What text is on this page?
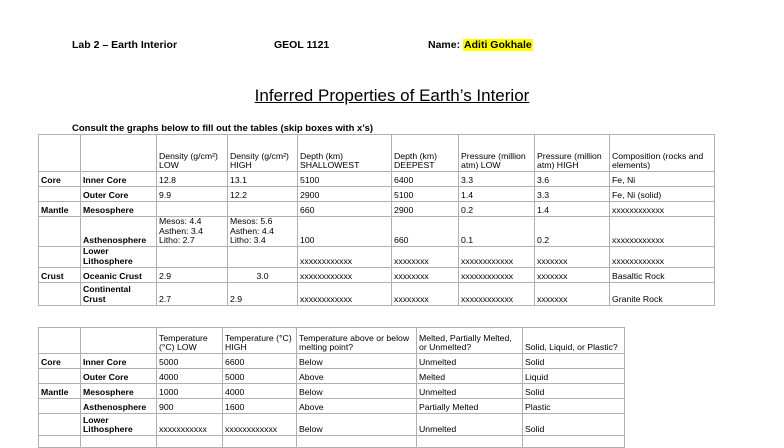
Lab 2 – Earth Interior	GEOL 1121	Name: Aditi Gokhale
Inferred Properties of Earth’s Interior
Consult the graphs below to fill out the tables (skip boxes with x’s)
		Density (g/cm²) LOW	Density (g/cm²) HIGH	Depth (km) SHALLOWEST	Depth (km) DEEPEST	Pressure (million atm) LOW	Pressure (million atm) HIGH	Composition (rocks and elements)
Core	Inner Core	12.8	13.1	5100	6400	3.3	3.6	Fe, Ni
	Outer Core	9.9	12.2	2900	5100	1.4	3.3	Fe, Ni (solid)
Mantle	Mesosphere			660	2900	0.2	1.4	xxxxxxxxxxxx
	Asthenosphere	Mesos: 4.4 Asthen: 3.4 Litho: 2.7	Mesos: 5.6 Asthen: 4.4 Litho: 3.4	100	660	0.1	0.2	xxxxxxxxxxxx
	Lower Lithosphere			xxxxxxxxxxxx	xxxxxxxx	xxxxxxxxxxxx	xxxxxxx	xxxxxxxxxxxx
Crust	Oceanic Crust	2.9	3.0	xxxxxxxxxxxx	xxxxxxxx	xxxxxxxxxxxx	xxxxxxx	Basaltic Rock
	Continental Crust	2.7	2.9	xxxxxxxxxxxx	xxxxxxxx	xxxxxxxxxxxx	xxxxxxx	Granite Rock
		Temperature (°C) LOW	Temperature (°C) HIGH	Temperature above or below melting point?	Melted, Partially Melted, or Unmelted?	Solid, Liquid, or Plastic?
Core	Inner Core	5000	6600	Below	Unmelted	Solid
	Outer Core	4000	5000	Above	Melted	Liquid
Mantle	Mesosphere	1000	4000	Below	Unmelted	Solid
	Asthenosphere	900	1600	Above	Partially Melted	Plastic
	Lower Lithosphere	xxxxxxxxxxx	xxxxxxxxxxxx	Below	Unmelted	Solid
